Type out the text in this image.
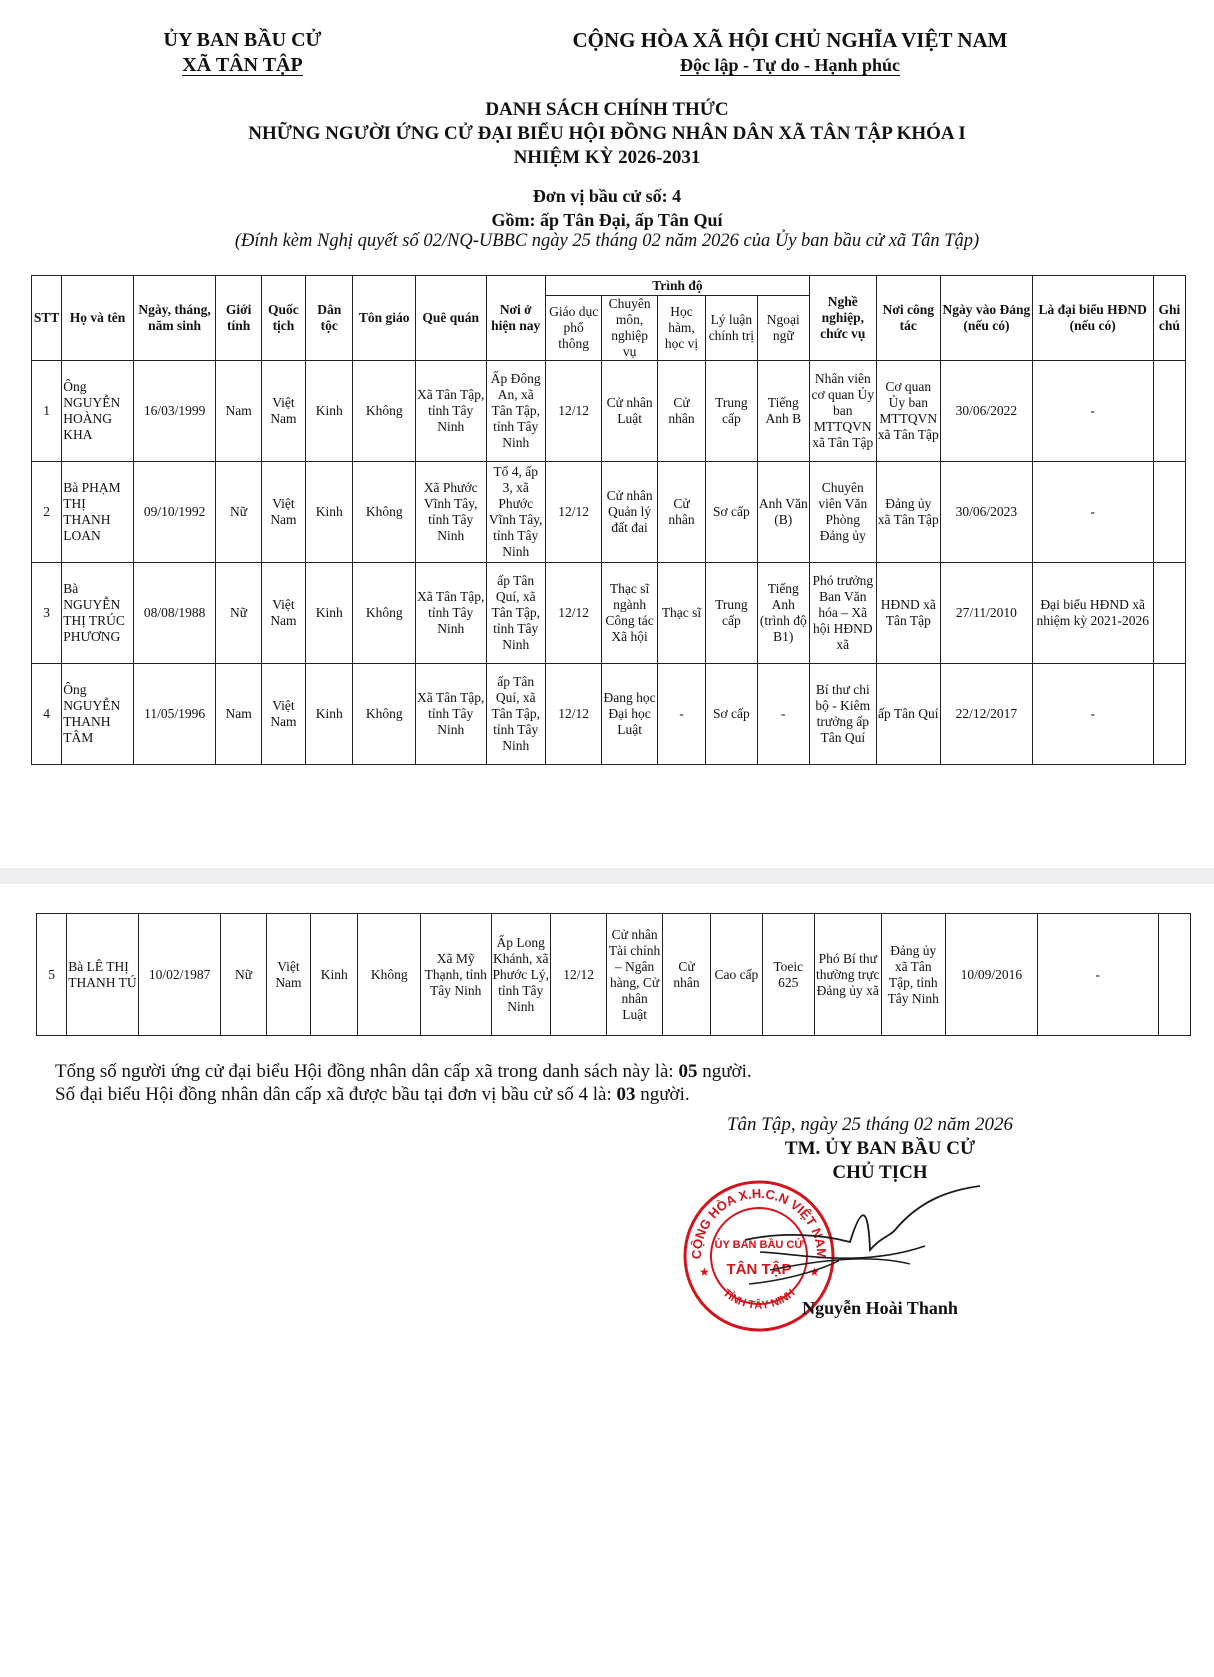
ỦY BAN BẦU CỬ
XÃ TÂN TẬP
CỘNG HÒA XÃ HỘI CHỦ NGHĨA VIỆT NAM
Độc lập - Tự do - Hạnh phúc
DANH SÁCH CHÍNH THỨC
NHỮNG NGƯỜI ỨNG CỬ ĐẠI BIỂU HỘI ĐỒNG NHÂN DÂN XÃ TÂN TẬP KHÓA I
NHIỆM KỲ 2026-2031
Đơn vị bầu cử số: 4
Gồm: ấp Tân Đại, ấp Tân Quí
(Đính kèm Nghị quyết số 02/NQ-UBBC ngày 25 tháng 02 năm 2026 của Ủy ban bầu cử xã Tân Tập)
STT	Họ và tên	Ngày, tháng, năm sinh	Giới tính	Quốc tịch	Dân tộc	Tôn giáo	Quê quán	Nơi ở hiện nay	Trình độ					Nghề nghiệp, chức vụ	Nơi công tác	Ngày vào Đảng (nếu có)	Là đại biểu HĐND (nếu có)	Ghi chú
									Giáo dục phổ thông	Chuyên môn, nghiệp vụ	Học hàm, học vị	Lý luận chính trị	Ngoại ngữ					
1	Ông NGUYỄN HOÀNG KHA	16/03/1999	Nam	Việt Nam	Kinh	Không	Xã Tân Tập, tỉnh Tây Ninh	Ấp Đông An, xã Tân Tập, tỉnh Tây Ninh	12/12	Cử nhân Luật	Cử nhân	Trung cấp	Tiếng Anh B	Nhân viên cơ quan Ủy ban MTTQVN xã Tân Tập	Cơ quan Ủy ban MTTQVN xã Tân Tập	30/06/2022	-	
2	Bà PHẠM THỊ THANH LOAN	09/10/1992	Nữ	Việt Nam	Kinh	Không	Xã Phước Vĩnh Tây, tỉnh Tây Ninh	Tổ 4, ấp 3, xã Phước Vĩnh Tây, tỉnh Tây Ninh	12/12	Cử nhân Quản lý đất đai	Cử nhân	Sơ cấp	Anh Văn (B)	Chuyên viên Văn Phòng Đảng ủy	Đảng ủy xã Tân Tập	30/06/2023	-	
3	Bà NGUYỄN THỊ TRÚC PHƯƠNG	08/08/1988	Nữ	Việt Nam	Kinh	Không	Xã Tân Tập, tỉnh Tây Ninh	ấp Tân Quí, xã Tân Tập, tỉnh Tây Ninh	12/12	Thạc sĩ ngành Công tác Xã hội	Thạc sĩ	Trung cấp	Tiếng Anh (trình độ B1)	Phó trưởng Ban Văn hóa – Xã hội HĐND xã	HĐND xã Tân Tập	27/11/2010	Đại biểu HĐND xã nhiệm kỳ 2021-2026	
4	Ông NGUYỄN THANH TÂM	11/05/1996	Nam	Việt Nam	Kinh	Không	Xã Tân Tập, tỉnh Tây Ninh	ấp Tân Quí, xã Tân Tập, tỉnh Tây Ninh	12/12	Đang học Đại học Luật	-	Sơ cấp	-	Bí thư chi bộ - Kiêm trưởng ấp Tân Quí	ấp Tân Quí	22/12/2017	-	
5	Bà LÊ THỊ THANH TÚ	10/02/1987	Nữ	Việt Nam	Kinh	Không	Xã Mỹ Thạnh, tỉnh Tây Ninh	Ấp Long Khánh, xã Phước Lý, tỉnh Tây Ninh	12/12	Cử nhân Tài chính – Ngân hàng, Cử nhân Luật	Cử nhân	Cao cấp	Toeic 625	Phó Bí thư thường trực Đảng ủy xã	Đảng ủy xã Tân Tập, tỉnh Tây Ninh	10/09/2016	-	
Tổng số người ứng cử đại biểu Hội đồng nhân dân cấp xã trong danh sách này là: 05 người.
Số đại biểu Hội đồng nhân dân cấp xã được bầu tại đơn vị bầu cử số 4 là: 03 người.
Tân Tập, ngày 25 tháng 02 năm 2026
TM. ỦY BAN BẦU CỬ
CHỦ TỊCH
CỘNG HÒA X.H.C.N VIỆT NAM
TỈNH TÂY NINH
ỦY BAN BẦU CỬ
TÂN TẬP
★	★
Nguyễn Hoài Thanh
